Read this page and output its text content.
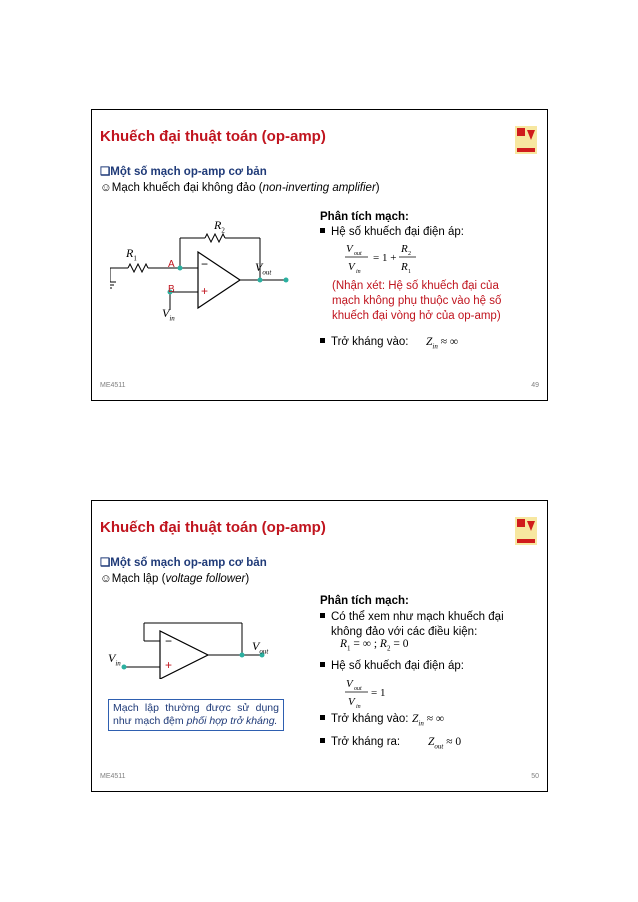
Khuếch đại thuật toán (op-amp)
❑Một số mạch op-amp cơ bản
☺Mạch khuếch đại không đảo (non-inverting amplifier)
$R_1$
$R_2$
A
B
−
+
$V_{out}$
$V_{in}$
Phân tích mạch:
Hệ số khuếch đại điện áp:
V out
V in
= 1 +
R 2
R 1
(Nhận xét: Hệ số khuếch đại của
mạch không phụ thuộc vào hệ số
khuếch đại vòng hở của op-amp)
Trở kháng vào: $Z_{in}$ ≈ ∞
ME4511	49
Khuếch đại thuật toán (op-amp)
❑Một số mạch op-amp cơ bản
☺Mạch lập (voltage follower)
−
+
$V_{out}$
$V_{in}$
Mạch lập thường được sử dụng như mạch đệm phối hợp trở kháng.
Phân tích mạch:
Có thể xem như mạch khuếch đại
không đảo với các điều kiện:
$R_1$ = ∞ ; $R_2 = 0$
Hệ số khuếch đại điện áp:
V out
V in
= 1
Trở kháng vào: $Z_{in}$ ≈ ∞
Trở kháng ra: $Z_{out} \approx 0$
ME4511	50
